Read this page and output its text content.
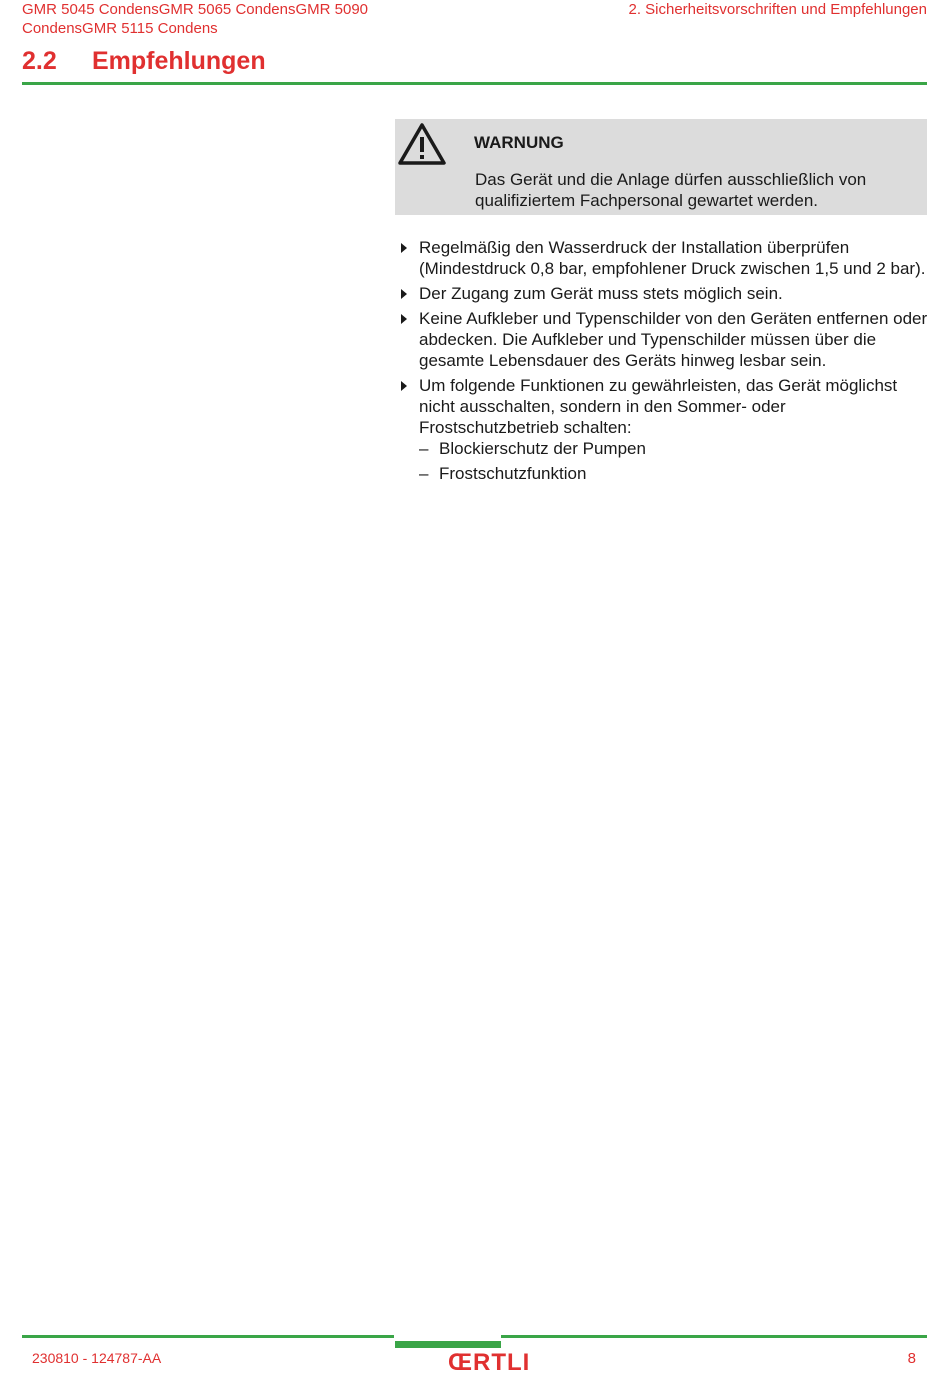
GMR 5045 CondensGMR 5065 CondensGMR 5090 CondensGMR 5115 Condens
2. Sicherheitsvorschriften und Empfehlungen
2.2 Empfehlungen
WARNUNG
Das Gerät und die Anlage dürfen ausschließlich von qualifiziertem Fachpersonal gewartet werden.
Regelmäßig den Wasserdruck der Installation überprüfen (Mindestdruck 0,8 bar, empfohlener Druck zwischen 1,5 und 2 bar).
Der Zugang zum Gerät muss stets möglich sein.
Keine Aufkleber und Typenschilder von den Geräten entfernen oder abdecken. Die Aufkleber und Typenschilder müssen über die gesamte Lebensdauer des Geräts hinweg lesbar sein.
Um folgende Funktionen zu gewährleisten, das Gerät möglichst nicht ausschalten, sondern in den Sommer- oder Frostschutzbetrieb schalten:
– Blockierschutz der Pumpen
– Frostschutzfunktion
230810 - 124787-AA	ŒRTLI	8
